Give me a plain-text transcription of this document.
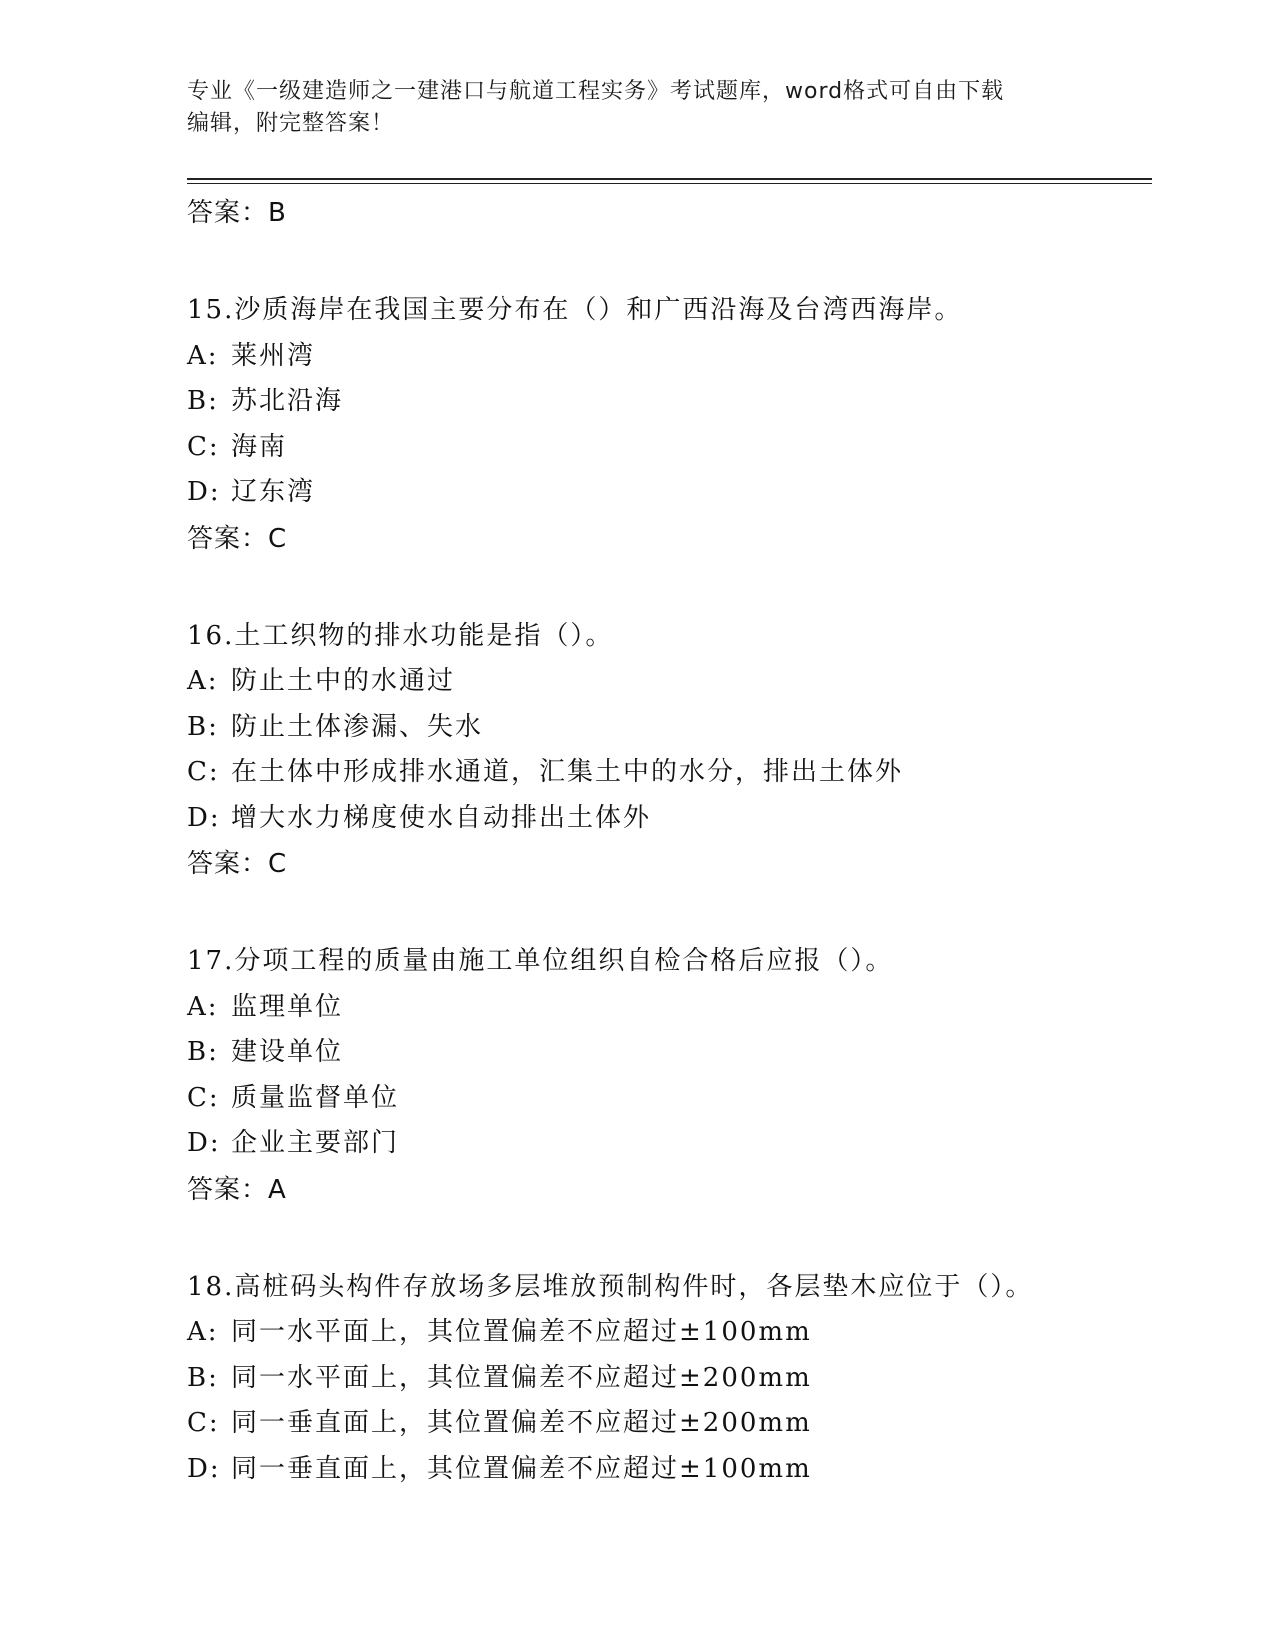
专业《一级建造师之一建港口与航道工程实务》考试题库，word格式可自由下载
编辑，附完整答案！
答案：B
15.沙质海岸在我国主要分布在（）和广西沿海及台湾西海岸。
A: 莱州湾
B: 苏北沿海
C: 海南
D: 辽东湾
答案：C
16.土工织物的排水功能是指（）。
A: 防止土中的水通过
B: 防止土体渗漏、失水
C: 在土体中形成排水通道，汇集土中的水分，排出土体外
D: 增大水力梯度使水自动排出土体外
答案：C
17.分项工程的质量由施工单位组织自检合格后应报（）。
A: 监理单位
B: 建设单位
C: 质量监督单位
D: 企业主要部门
答案：A
18.高桩码头构件存放场多层堆放预制构件时，各层垫木应位于（）。
A: 同一水平面上，其位置偏差不应超过±100mm
B: 同一水平面上，其位置偏差不应超过±200mm
C: 同一垂直面上，其位置偏差不应超过±200mm
D: 同一垂直面上，其位置偏差不应超过±100mm
